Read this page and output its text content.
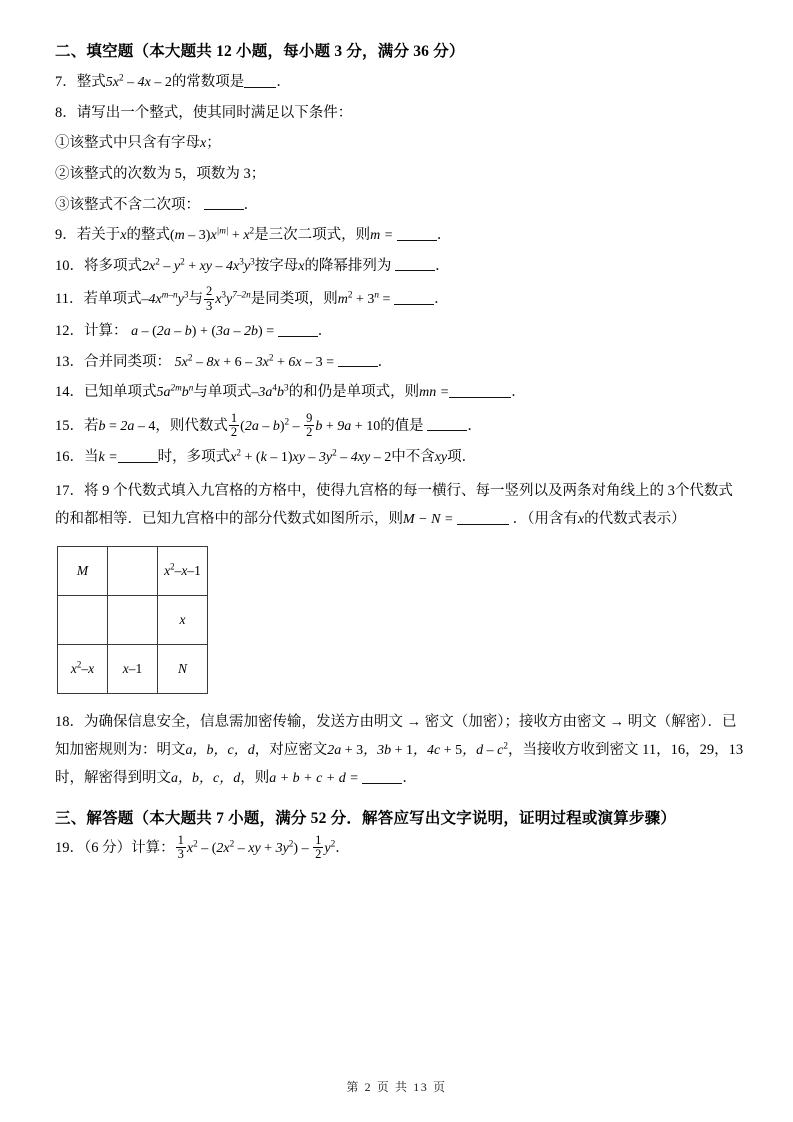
二、填空题（本大题共 12 小题，每小题 3 分，满分 36 分）
7．整式$5x^2 - 4x - 2$的常数项是 ．
8．请写出一个整式，使其同时满足以下条件：
①该整式中只含有字母x；
②该整式的次数为 5，项数为 3；
③该整式不含二次项：	．
9．若关于x的整式$(m - 3)x^{|m|} + x^2$是三次二项式，则m =	．
10．将多项式$2x^2 - y^2$ + xy – $4x^3y^3$按字母x的降幂排列为	．
11．若单项式$-4x^{m-n}y^3$与 $\frac{2}{3} x^3y^{7-2n}$是同类项，则$m^2 + 3^n$ =	．
12．计算： a – (2a – b) + (3a – 2b) =	．
13．合并同类项： $5x^2 - 8x + 6 - 3x^2 + 6x - 3$ =	．
14．已知单项式$5a^{2m}b^n$与单项式$-3a^4b^3$的和仍是单项式，则mn =	．
15．若b = 2a – 4，则代数式 $\frac{1}{2} (2a - b)^2 - \frac{9}{2}$ b + 9a + 10的值是	．
16．当k =	时，多项式$x^2 + (k - 1)xy - 3y^2 - 4xy - 2$中不含xy项．
17．将 9 个代数式填入九宫格的方格中，使得九宫格的每一横行、每一竖列以及两条对角线上的 3个代数式的和都相等．已知九宫格中的部分代数式如图所示，则M − N =	．（用含有x的代数式表示）
M		$x^2-x-1$
		x
$x^2-x$	x–1	N
18．为确保信息安全，信息需加密传输，发送方由明文 → 密文（加密）；接收方由密文 → 明文（解密）．已知加密规则为：明文a，b，c，d，对应密文2a + 3，3b + 1，4c + 5，d – $c^2$，当接收方收到密文 11，16，29，13 时，解密得到明文a，b，c，d，则a + b + c + d =	．
三、解答题（本大题共 7 小题，满分 52 分．解答应写出文字说明，证明过程或演算步骤）
19．（6 分）计算： $\frac{1}{3} x^2 - (2x^2$ – xy + $3y^2) - \frac{1}{2} y^2$．
第 2 页 共 13 页
